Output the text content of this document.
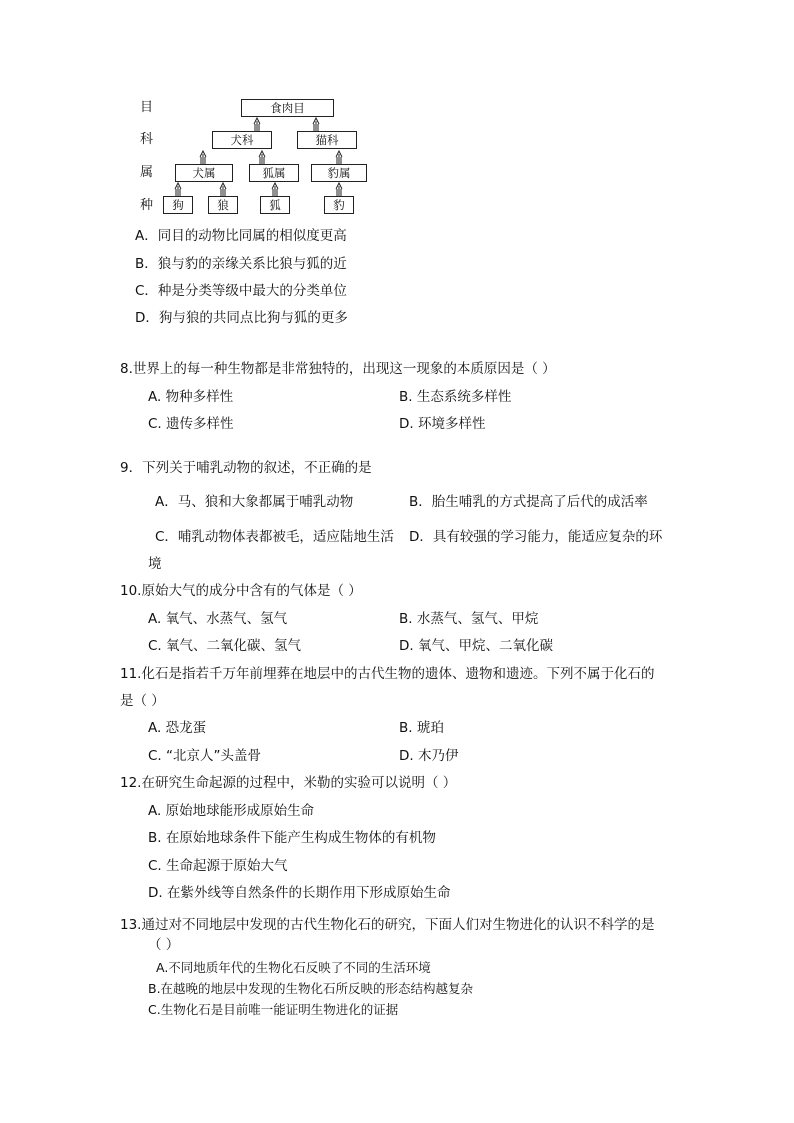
目
科
属
种
食肉目
犬科	猫科
犬属	狐属	豹属
狗	狼	狐	豹
A．同目的动物比同属的相似度更高
B．狼与豹的亲缘关系比狼与狐的近
C．种是分类等级中最大的分类单位
D．狗与狼的共同点比狗与狐的更多
8.世界上的每一种生物都是非常独特的，出现这一现象的本质原因是（ ）
A. 物种多样性	B. 生态系统多样性
C. 遗传多样性	D. 环境多样性
9．下列关于哺乳动物的叙述，不正确的是
A．马、狼和大象都属于哺乳动物	B．胎生哺乳的方式提高了后代的成活率
C．哺乳动物体表都被毛，适应陆地生活 D．具有较强的学习能力，能适应复杂的环
境
10.原始大气的成分中含有的气体是（ ）
A. 氧气、水蒸气、氢气	B. 水蒸气、氢气、甲烷
C. 氧气、二氧化碳、氢气	D. 氧气、甲烷、二氧化碳
11.化石是指若千万年前埋葬在地层中的古代生物的遗体、遗物和遗迹。下列不属于化石的
是（ ）
A. 恐龙蛋	B. 琥珀
C. “北京人”头盖骨	D. 木乃伊
12.在研究生命起源的过程中，米勒的实验可以说明（ ）
A. 原始地球能形成原始生命
B. 在原始地球条件下能产生构成生物体的有机物
C. 生命起源于原始大气
D. 在紫外线等自然条件的长期作用下形成原始生命
13.通过对不同地层中发现的古代生物化石的研究，下面人们对生物进化的认识不科学的是
（ ）
A.不同地质年代的生物化石反映了不同的生活环境
B.在越晚的地层中发现的生物化石所反映的形态结构越复杂
C.生物化石是目前唯一能证明生物进化的证据
